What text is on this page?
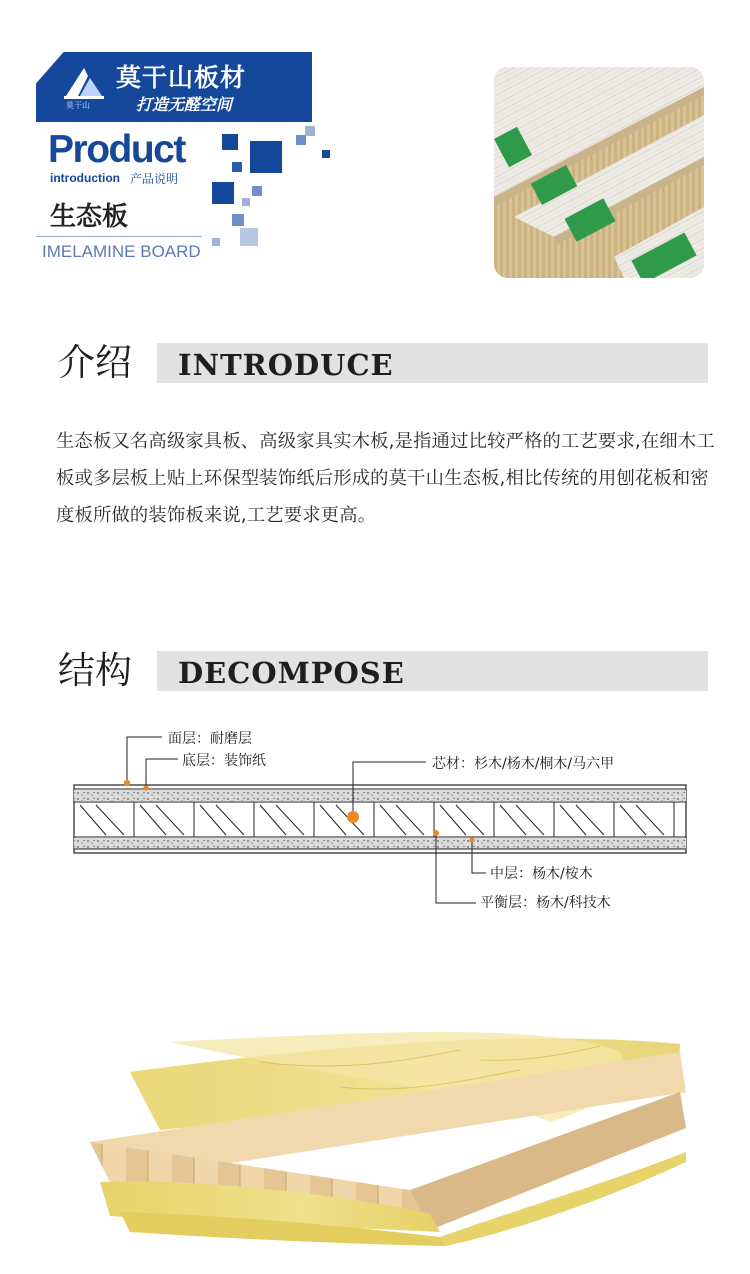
莫干山
莫干山板材
打造无醛空间
Product
introduction 产品说明
生态板
IMELAMINE BOARD
介绍 INTRODUCE
生态板又名高级家具板、高级家具实木板,是指通过比较严格的工艺要求,在细木工板或多层板上贴上环保型装饰纸后形成的莫干山生态板,相比传统的用刨花板和密度板所做的装饰板来说,工艺要求更高。
结构 DECOMPOSE
面层：耐磨层
底层：装饰纸	芯材：杉木/杨木/桐木/马六甲
中层：杨木/桉木
平衡层：杨木/科技木
